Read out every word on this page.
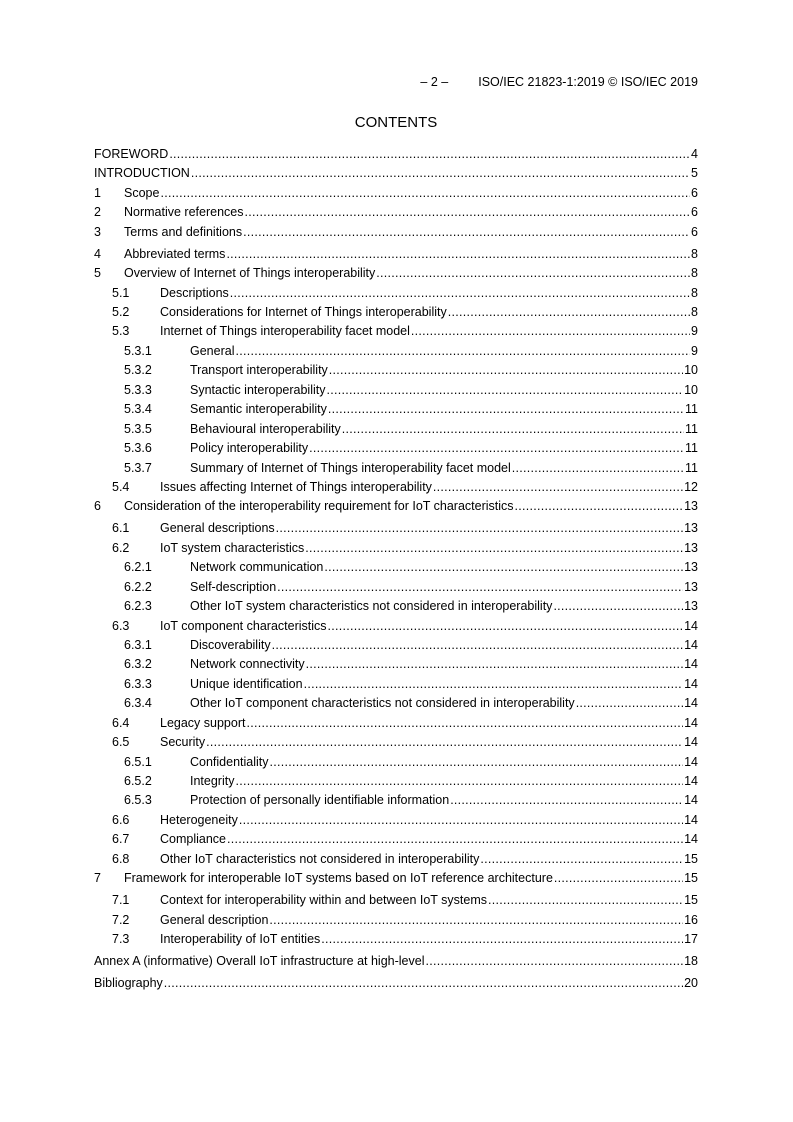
– 2 – ISO/IEC 21823-1:2019 © ISO/IEC 2019
CONTENTS
FOREWORD . . .	4
INTRODUCTION . . .	5
1	Scope . . .	6
2	Normative references . . .	6
3	Terms and definitions . . .	6
4	Abbreviated terms . . .	8
5	Overview of Internet of Things interoperability . . .	8
5.1	Descriptions . . .	8
5.2	Considerations for Internet of Things interoperability . . .	8
5.3	Internet of Things interoperability facet model . . .	9
5.3.1	General . . .	9
5.3.2	Transport interoperability . . .	10
5.3.3	Syntactic interoperability . . .	10
5.3.4	Semantic interoperability . . .	11
5.3.5	Behavioural interoperability . . .	11
5.3.6	Policy interoperability . . .	11
5.3.7	Summary of Internet of Things interoperability facet model . . .	11
5.4	Issues affecting Internet of Things interoperability . . .	12
6	Consideration of the interoperability requirement for IoT characteristics . . .	13
6.1	General descriptions . . .	13
6.2	IoT system characteristics . . .	13
6.2.1	Network communication . . .	13
6.2.2	Self-description . . .	13
6.2.3	Other IoT system characteristics not considered in interoperability . . .	13
6.3	IoT component characteristics . . .	14
6.3.1	Discoverability . . .	14
6.3.2	Network connectivity . . .	14
6.3.3	Unique identification . . .	14
6.3.4	Other IoT component characteristics not considered in interoperability . . .	14
6.4	Legacy support . . .	14
6.5	Security . . .	14
6.5.1	Confidentiality . . .	14
6.5.2	Integrity . . .	14
6.5.3	Protection of personally identifiable information . . .	14
6.6	Heterogeneity . . .	14
6.7	Compliance . . .	14
6.8	Other IoT characteristics not considered in interoperability . . .	15
7	Framework for interoperable IoT systems based on IoT reference architecture . . .	15
7.1	Context for interoperability within and between IoT systems . . .	15
7.2	General description . . .	16
7.3	Interoperability of IoT entities . . .	17
Annex A (informative) Overall IoT infrastructure at high-level . . .	18
Bibliography . . .	20
